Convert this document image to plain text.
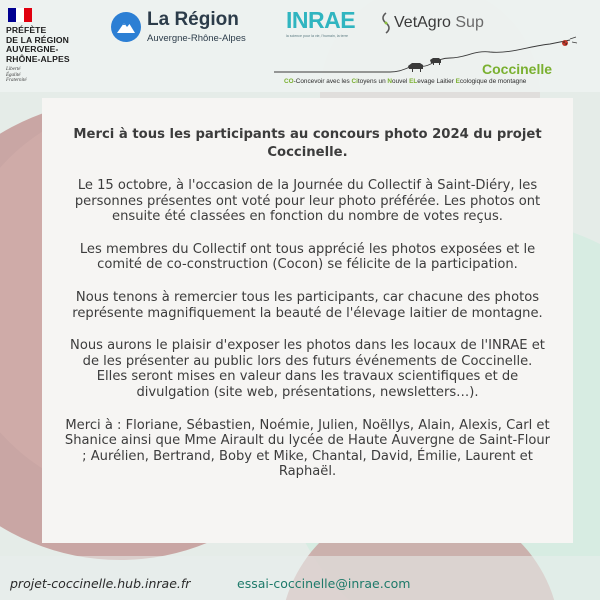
PRÉFÈTE
DE LA RÉGION
AUVERGNE-
RHÔNE-ALPES
Liberté
Égalité
Fraternité
La Région
Auvergne-Rhône-Alpes
INRAE
la science pour la vie, l'humain, la terre
VetAgro Sup
Coccinelle
CO-Concevoir avec les Citoyens un Nouvel ELevage Laitier Ecologique de montagne

Merci à tous les participants au concours photo 2024 du projet Coccinelle.

Le 15 octobre, à l'occasion de la Journée du Collectif à Saint-Diéry, les personnes présentes ont voté pour leur photo préférée. Les photos ont ensuite été classées en fonction du nombre de votes reçus.

Les membres du Collectif ont tous apprécié les photos exposées et le comité de co-construction (Cocon) se félicite de la participation.

Nous tenons à remercier tous les participants, car chacune des photos représente magnifiquement la beauté de l'élevage laitier de montagne.

Nous aurons le plaisir d'exposer les photos dans les locaux de l'INRAE et de les présenter au public lors des futurs événements de Coccinelle.

Elles seront mises en valeur dans les travaux scientifiques et de divulgation (site web, présentations, newsletters…).

Merci à : Floriane, Sébastien, Noémie, Julien, Noëllys, Alain, Alexis, Carl et Shanice ainsi que Mme Airault du lycée de Haute Auvergne de Saint-Flour ; Aurélien, Bertrand, Boby et Mike, Chantal, David, Émilie, Laurent et Raphaël.

projet-coccinelle.hub.inrae.fr	essai-coccinelle@inrae.com
